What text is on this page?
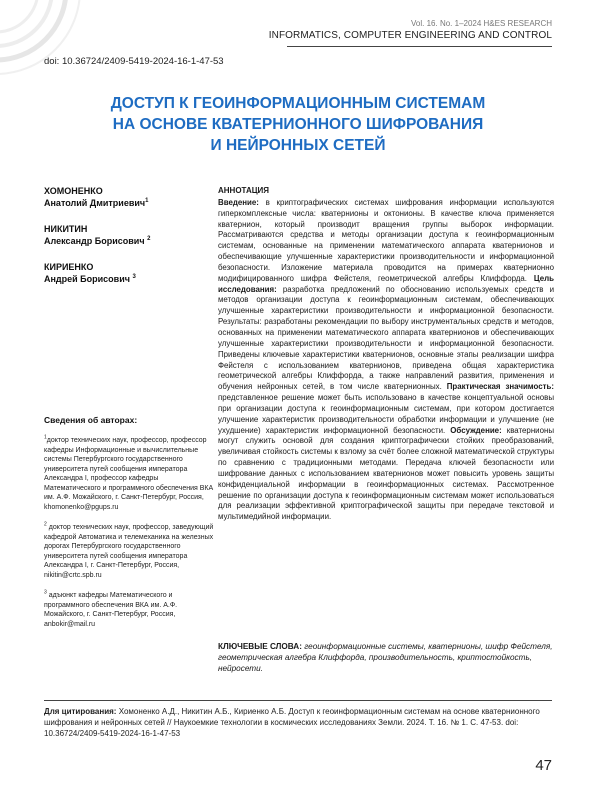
Vol. 16. No. 1–2024 H&ES RESEARCH
INFORMATICS, COMPUTER ENGINEERING AND CONTROL
doi: 10.36724/2409-5419-2024-16-1-47-53
ДОСТУП К ГЕОИНФОРМАЦИОННЫМ СИСТЕМАМ
НА ОСНОВЕ КВАТЕРНИОННОГО ШИФРОВАНИЯ
И НЕЙРОННЫХ СЕТЕЙ
ХОМОНЕНКО
Анатолий Дмитриевич$^1$
НИКИТИН
Александр Борисович $^2$
КИРИЕНКО
Андрей Борисович $^3$
Сведения об авторах:
$^1$доктор технических наук, профессор, профессор кафедры Информационные и вычислительные системы Петербургского государственного университета путей сообщения императора Александра I, профессор кафедры Математического и программного обеспечения ВКА им. А.Ф. Можайского, г. Санкт-Петербург, Россия, khomonenko@pgups.ru
$^2$ доктор технических наук, профессор, заведующий кафедрой Автоматика и телемеханика на железных дорогах Петербургского государственного университета путей сообщения императора Александра I, г. Санкт-Петербург, Россия, nikitin@crtc.spb.ru
$^3$ адъюнкт кафедры Математического и программного обеспечения ВКА им. А.Ф. Можайского, г. Санкт-Петербург, Россия, anbokir@mail.ru
АННОТАЦИЯ

Введение: в криптографических системах шифрования информации используются гиперкомплексные числа: кватернионы и октонионы. В качестве ключа применяется кватернион, который производит вращения группы выборок информации. Рассматриваются средства и методы организации доступа к геоинформационным системам, основанные на применении математического аппарата кватернионов и обеспечивающие улучшенные характеристики производительности и информационной безопасности. Изложение материала проводится на примерах кватернионно модифицированного шифра Фейстеля, геометрической алгебры Клиффорда. Цель исследования: разработка предложений по обоснованию используемых средств и методов организации доступа к геоинформационным системам, обеспечивающих улучшенные характеристики производительности и информационной безопасности. Результаты: разработаны рекомендации по выбору инструментальных средств и методов, основанных на применении математического аппарата кватернионов и обеспечивающих улучшенные характеристики производительности и информационной безопасности. Приведены ключевые характеристики кватернионов, основные этапы реализации шифра Фейстеля с использованием кватернионов, приведена общая характеристика геометрической алгебры Клиффорда, а также направлений развития, применения и обучения нейронных сетей, в том числе кватернионных. Практическая значимость: представленное решение может быть использовано в качестве концептуальной основы при организации доступа к геоинформационным системам, при котором достигается улучшение характеристик производительности обработки информации и улучшение (не ухудшение) характеристик информационной безопасности. Обсуждение: кватернионы могут служить основой для создания криптографически стойких преобразований, увеличивая стойкость системы к взлому за счёт более сложной математической структуры по сравнению с традиционными методами. Передача ключей безопасности или шифрование данных с использованием кватернионов может повысить уровень защиты конфиденциальной информации в геоинформационных системах. Рассмотренное решение по организации доступа к геоинформационным системам может использоваться для реализации эффективной криптографической защиты при передаче текстовой и мультимедийной информации.

КЛЮЧЕВЫЕ СЛОВА: геоинформационные системы, кватернионы, шифр Фейстеля, геометрическая алгебра Клиффорда, производительность, криптостойкость, нейросети.
Для цитирования: Хомоненко А.Д., Никитин А.Б., Кириенко А.Б. Доступ к геоинформационным системам на основе кватернионного шифрования и нейронных сетей // Наукоемкие технологии в космических исследованиях Земли. 2024. Т. 16. № 1. С. 47-53. doi: 10.36724/2409-5419-2024-16-1-47-53
47
